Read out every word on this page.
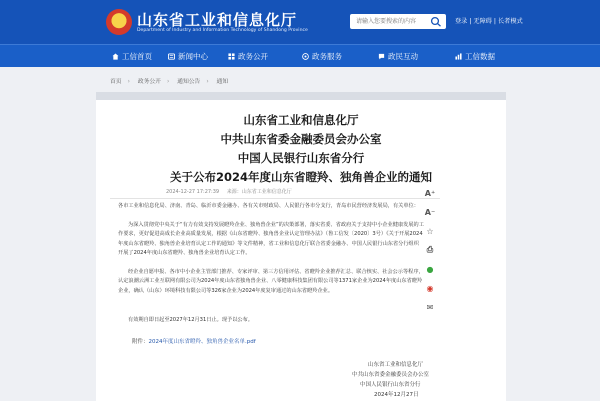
山东省工业和信息化厅
Department of Industry and Information Technology of Shandong Province
请输入您要搜索的内容
登录 | 无障碍 | 长者模式
工信首页	新闻中心	政务公开	政务服务	政民互动	工信数据
首页 › 政务公开 › 通知公告 › 通知
山东省工业和信息化厅
中共山东省委金融委员会办公室
中国人民银行山东省分行
关于公布2024年度山东省瞪羚、独角兽企业的通知
2024-12-27 17:27:39 来源：山东省工业和信息化厅
各市工业和信息化局、济南、青岛、临沂市委金融办、各有关市财政局、人民银行各市分支行，青岛市民营经济发展局，有关单位：
为深入贯彻党中央关于“有力有效支持发展瞪羚企业、独角兽企业”的决策部署，落实省委、省政府关于支持中小企业健康发展的工作要求，更好促进高成长企业高质量发展，根据《山东省瞪羚、独角兽企业认定管理办法》（鲁工信发〔2020〕3号）《关于开展2024年度山东省瞪羚、独角兽企业培育认定工作的通知》等文件精神，省工业和信息化厅联合省委金融办、中国人民银行山东省分行组织开展了2024年度山东省瞪羚、独角兽企业培育认定工作。
经企业自愿申报、各市中小企业主管部门推荐、专家评审、第三方信用评估、省瞪羚企业推荐汇总、联合核实、社会公示等程序，认定浪潮云洲工业互联网有限公司为2024年度山东省独角兽企业、八零健康科技集团有限公司等1371家企业为2024年度山东省瞪羚企业，确认（山东）环境科技有限公司等326家企业为2024年度复审通过的山东省瞪羚企业。
有效期自即日起至2027年12月31日止。现予以公布。
附件：2024年度山东省瞪羚、独角兽企业名单.pdf
山东省工业和信息化厅
中共山东省委金融委员会办公室
中国人民银行山东省分行
2024年12月27日
A⁺
A⁻
☆
⎙
●
◉
✉
